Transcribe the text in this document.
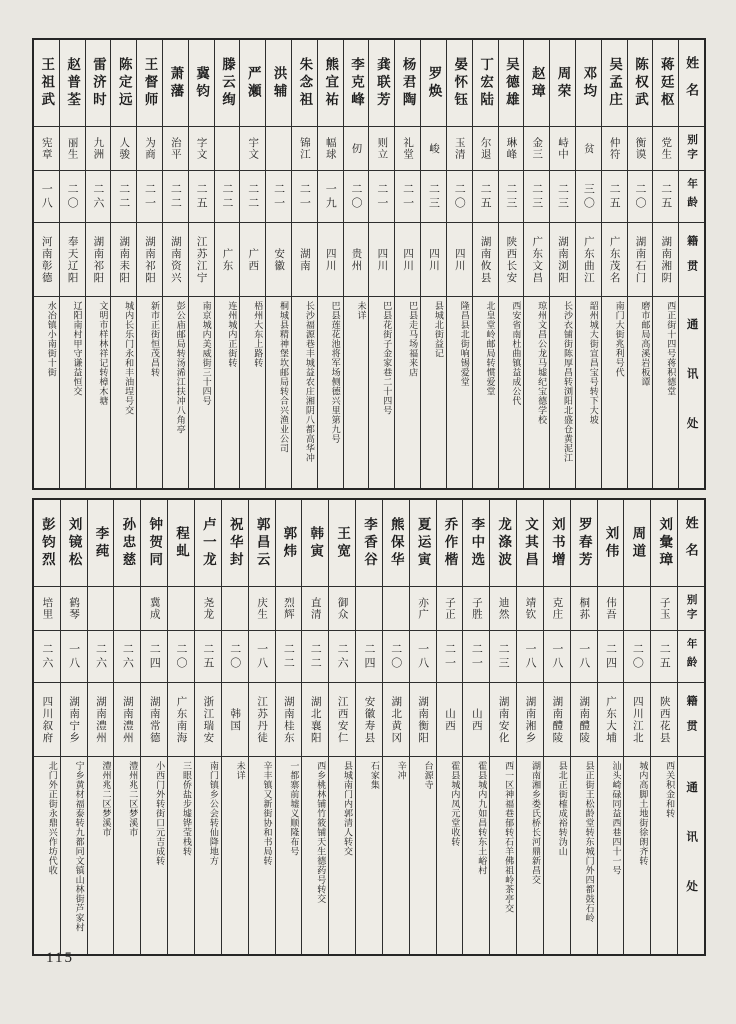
姓名
别字
年龄
籍贯
通讯处
蒋廷枢
党生
二五
湖南湘阴
西正街十四号蒋积德堂
陈权武
衡谟
二〇
湖南石门
磨市邮局高溪岩板谭
吴孟庄
仲符
二五
广东茂名
南门大街兆利号代
邓均
贫
三〇
广东曲江
韶州城大街宣昌宝号转下大坡
周荣
峙中
二三
湖南浏阳
长沙衣铺街陈厚昌转浏阳北盛仓黄泥江
赵璋
金三
二三
广东文昌
琼州文昌公龙马墟纪宝德学校
吴德雄
琳峰
二三
陕西长安
西安省南杜曲镇益成公代
丁宏陆
尔退
二五
湖南攸县
北皇堂岭邮局转惯爱堂
晏怀钰
玉清
二〇
四川
隆昌县北街响锡爱堂
罗焕
峻
二三
四川
县城北街益记
杨君陶
礼堂
二一
四川
巴县走马场福来店
龚联芳
则立
二一
四川
巴县花街子金家巷二十四号
李克峰
仞
二〇
贵州
未详
熊宜祐
幅球
一九
四川
巴县莲花池将军场侧德兴里第九号
朱念祖
锦江
二一
湖南
长沙福源巷丰城益农庄湘阴八都高华冲
洪辅
二一
安徽
桐城县精神堡坎邮局转合兴渔业公司
严瀬
宇文
二二
广西
梧州大东上路转
滕云绚
二二
广东
连州城内正街转
冀钧
字文
二五
江苏江宁
南京城内美威街三十四号
萧藩
治平
二二
湖南资兴
彭公庙邮局转汤浠江扶冲八角亭
王督师
为商
二一
湖南祁阳
新市正街恒茂昌转
陈定远
人骏
二二
湖南耒阳
城内长乐门永和丰油埕号交
雷济时
九洲
二六
湖南祁阳
文明市样林祥记转樟木塘
赵普荃
丽生
二〇
奉天辽阳
辽阳南村甲守谦益恒交
王祖武
宪章
一八
河南彰德
水冶镇小南街十街
姓名
别字
年龄
籍贯
通讯处
刘彙璋
子玉
二五
陕西花县
西关积金和转
周道
二〇
四川江北
城内高脚土地街徐朗齐转
刘伟
伟吾
二四
广东大埔
汕头崎碌同益西巷四十一号
罗春芳
桐荪
一八
湖南醴陵
县正街王松龄堂转东城门外四都鼓石岭
刘书增
克庄
一八
湖南醴陵
县北正街榷成裕转沩山
文其昌
靖钦
一八
湖南湘乡
湖南湘乡娄氏桥长河鼎新昌交
龙涤波
迪然
二三
湖南安化
西一区神福巷郁转石羊佛祖岭茶亭交
李中选
子胜
二一
山西
霍县城内九如昌转东土峪村
乔作楷
子正
二一
山西
霍县城内凤元堂收转
夏运寅
亦广
一八
湖南衡阳
台源寺
熊保华
二〇
湖北黄冈
辛冲
李香谷
二四
安徽寿县
石家集
王宽
御众
二六
江西安仁
县城南门内郭清人转交
韩寅
直清
二二
湖北襄阳
西乡桃林铺竹筱铺天生德药号转交
郭炜
烈辉
二二
湖南桂东
一都寨前墟义顺隆布号
郭昌云
庆生
一八
江苏丹徒
辛丰镇又新街协和书局转
祝华封
二〇
韩国
未详
卢一龙
尧龙
二五
浙江瑞安
南门镇乡公会转仙降地方
程虬
二〇
广东南海
三眼侨盐步墟铧莹栈转
钟贺同
冀成
二四
湖南常德
小西门外转街口元吉成转
孙忠慈
二六
湖南澧州
澧州兆二区梦溪市
李莼
二六
湖南澧州
澧州兆二区梦溪市
刘镜松
鹤琴
一八
湖南宁乡
宁乡黄材福泰转九都同文镇山林街芦家村
彭钧烈
培里
二六
四川叙府
北门外正街永鼎兴作坊代收
115
